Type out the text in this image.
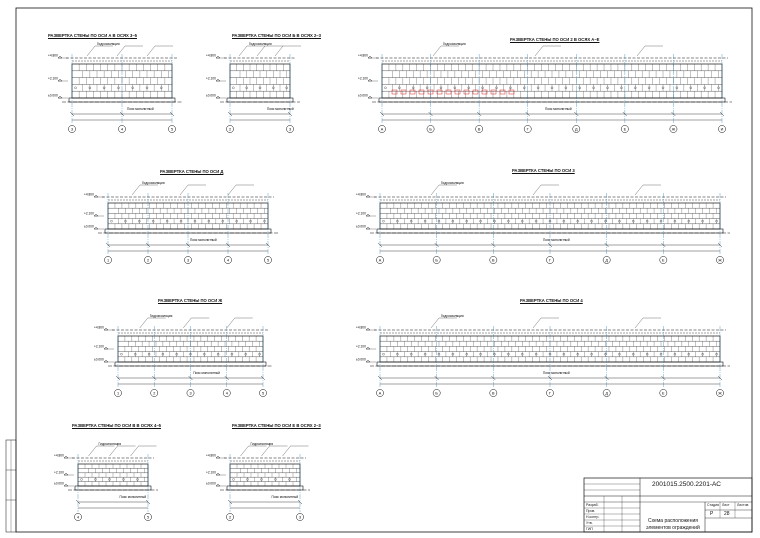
3	4	5
+4.800
+2.100
±0.000
Гидроизоляция
Пояс монолитный
2	3
+4.800
+2.100
±0.000
Гидроизоляция
Пояс монолитный
А	Б	В	Г	Д	Е	Ж	И
+4.800
+2.100
±0.000
Гидроизоляция
Пояс монолитный
1	2	3	4	5
+4.800
+2.100
±0.000
Гидроизоляция
Пояс монолитный
А	Б	В	Г	Д	Е	Ж
+4.800
+2.100
±0.000
Гидроизоляция
Пояс монолитный
1	2	3	4	5
+4.800
+2.100
±0.000
Гидроизоляция
Пояс монолитный
А	Б	В	Г	Д	Е	Ж
+4.800
+2.100
±0.000
Гидроизоляция
Пояс монолитный
4	5
+4.800
+2.100
±0.000
Гидроизоляция
Пояс монолитный
2	3
+4.800
+2.100
±0.000
Гидроизоляция
Пояс монолитный
2001015.2500.2201-АС
Стадия Лист Листов
Р 28
Схема расположения
элементов ограждений
Разраб.
Пров.
Н.контр.
Утв.
ГИП
РАЗВЕРТКА СТЕНЫ ПО ОСИ А В ОСЯХ 3–5	РАЗВЕРТКА СТЕНЫ ПО ОСИ Б В ОСЯХ 2–3
РАЗВЕРТКА СТЕНЫ ПО ОСИ 2 В ОСЯХ А–Е
РАЗВЕРТКА СТЕНЫ ПО ОСИ Д	РАЗВЕРТКА СТЕНЫ ПО ОСИ 3
РАЗВЕРТКА СТЕНЫ ПО ОСИ Ж	РАЗВЕРТКА СТЕНЫ ПО ОСИ 4
РАЗВЕРТКА СТЕНЫ ПО ОСИ В В ОСЯХ 4–5	РАЗВЕРТКА СТЕНЫ ПО ОСИ Е В ОСЯХ 2–3
